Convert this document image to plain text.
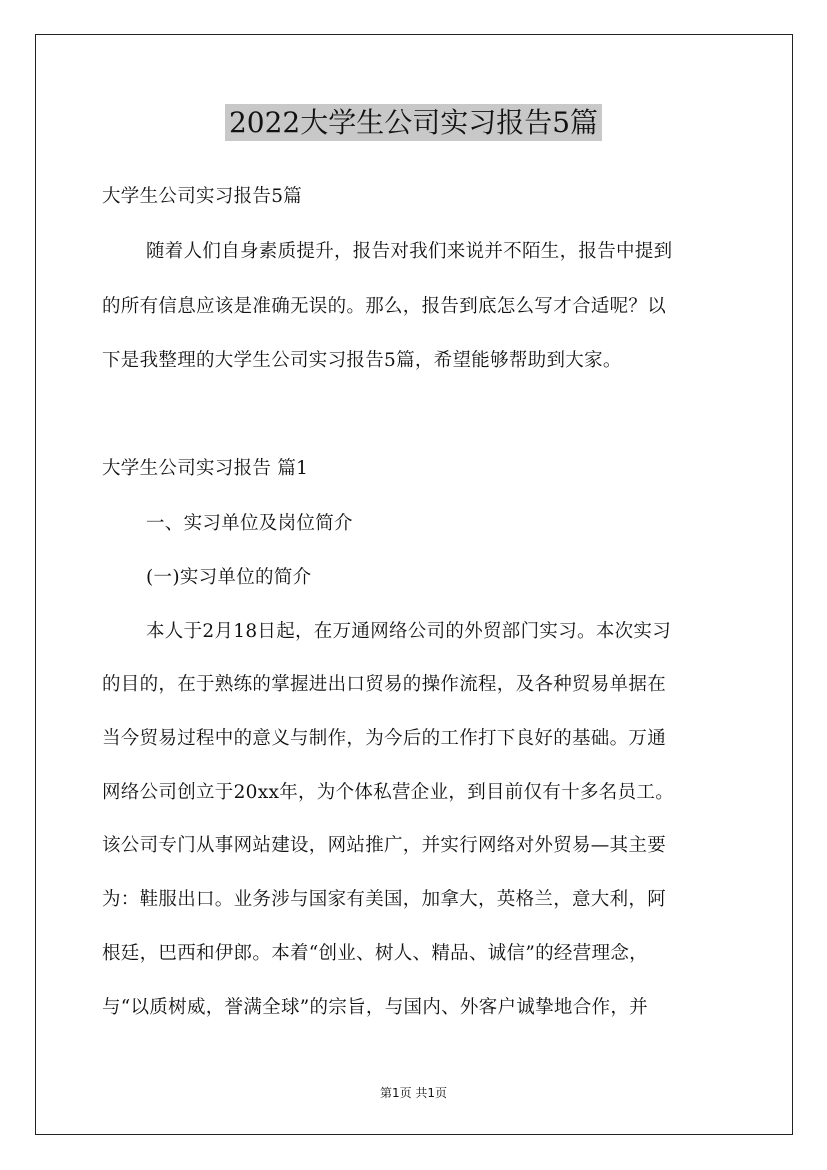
2022大学生公司实习报告5篇
大学生公司实习报告5篇
随着人们自身素质提升，报告对我们来说并不陌生，报告中提到
的所有信息应该是准确无误的。那么，报告到底怎么写才合适呢？以
下是我整理的大学生公司实习报告5篇，希望能够帮助到大家。
大学生公司实习报告 篇1
一、实习单位及岗位简介
(一)实习单位的简介
本人于2月18日起，在万通网络公司的外贸部门实习。本次实习
的目的，在于熟练的掌握进出口贸易的操作流程，及各种贸易单据在
当今贸易过程中的意义与制作，为今后的工作打下良好的基础。万通
网络公司创立于20xx年，为个体私营企业，到目前仅有十多名员工。
该公司专门从事网站建设，网站推广，并实行网络对外贸易—其主要
为：鞋服出口。业务涉与国家有美国，加拿大，英格兰，意大利，阿
根廷，巴西和伊郎。本着“创业、树人、精品、诚信”的经营理念，
与“以质树威，誉满全球”的宗旨，与国内、外客户诚挚地合作，并
第1页 共1页
